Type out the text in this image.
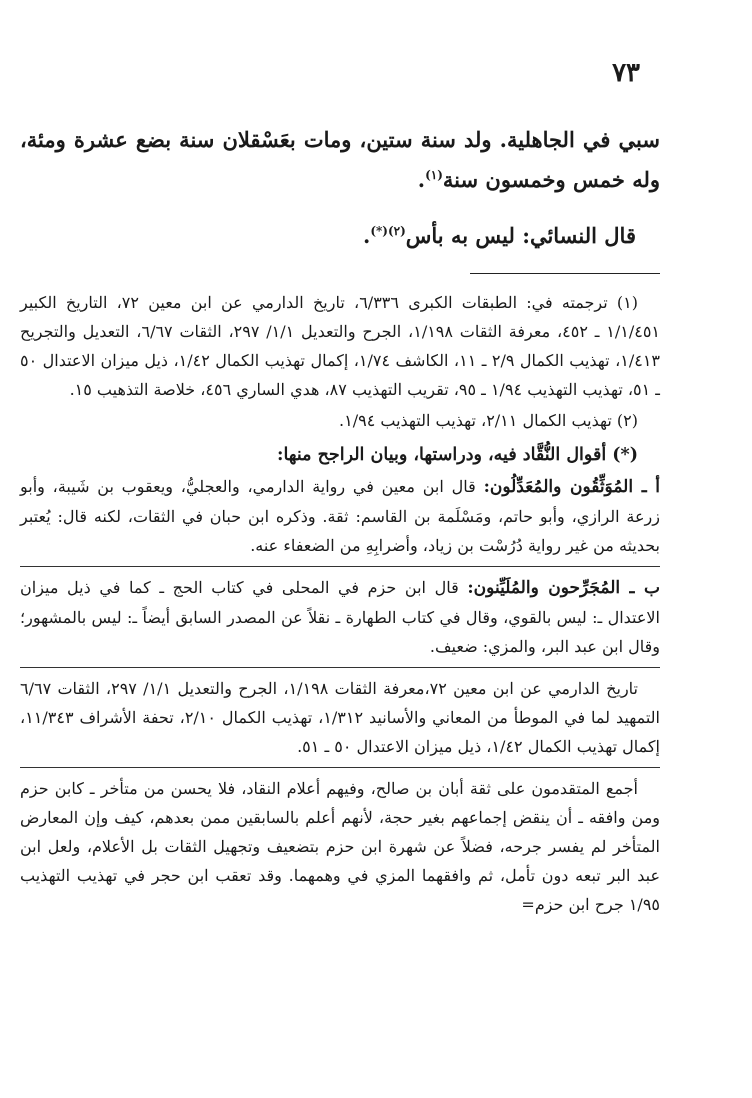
٧٣

سبي في الجاهلية. ولد سنة ستين، ومات بعَسْقلان سنة بضع عشرة ومئة، وله خمس وخمسون سنة$^{(١)}$.

قال النسائي: ليس به بأس$^{(٢)(*)}$.

(١) ترجمته في: الطبقات الكبرى ٦/٣٣٦، تاريخ الدارمي عن ابن معين ٧٢، التاريخ الكبير ١/١/٤٥١ ـ ٤٥٢، معرفة الثقات ١/١٩٨، الجرح والتعديل ١/١/ ٢٩٧، الثقات ٦/٦٧، التعديل والتجريح ١/٤١٣، تهذيب الكمال ٢/٩ ـ ١١، الكاشف ١/٧٤، إكمال تهذيب الكمال ١/٤٢، ذيل ميزان الاعتدال ٥٠ ـ ٥١، تهذيب التهذيب ١/٩٤ ـ ٩٥، تقريب التهذيب ٨٧، هدي الساري ٤٥٦، خلاصة التذهيب ١٥.

(٢) تهذيب الكمال ٢/١١، تهذيب التهذيب ١/٩٤.

(*) أقوال النُّقَّاد فيه، ودراستها، وبيان الراجح منها:

أ ـ المُوَثِّقُون والمُعَدِّلُون: قال ابن معين في رواية الدارمي، والعجليُّ، ويعقوب بن شَيبة، وأبو زرعة الرازي، وأبو حاتم، ومَسْلَمة بن القاسم: ثقة. وذكره ابن حبان في الثقات، لكنه قال: يُعتبر بحديثه من غير رواية دُرُسْت بن زياد، وأضرابِهِ من الضعفاء عنه.

ب ـ المُجَرِّحون والمُلَيِّنون: قال ابن حزم في المحلى في كتاب الحج ـ كما في ذيل ميزان الاعتدال ـ: ليس بالقوي، وقال في كتاب الطهارة ـ نقلاً عن المصدر السابق أيضاً ـ: ليس بالمشهور؛ وقال ابن عبد البر، والمزي: ضعيف.

تاريخ الدارمي عن ابن معين ٧٢،معرفة الثقات ١/١٩٨، الجرح والتعديل ١/١/ ٢٩٧، الثقات ٦/٦٧ التمهيد لما في الموطأ من المعاني والأسانيد ١/٣١٢، تهذيب الكمال ٢/١٠، تحفة الأشراف ١١/٣٤٣، إكمال تهذيب الكمال ١/٤٢، ذيل ميزان الاعتدال ٥٠ ـ ٥١.

أجمع المتقدمون على ثقة أبان بن صالح، وفيهم أعلام النقاد، فلا يحسن من متأخر ـ كابن حزم ومن وافقه ـ أن ينقض إجماعهم بغير حجة، لأنهم أعلم بالسابقين ممن بعدهم، كيف وإن المعارض المتأخر لم يفسر جرحه، فضلاً عن شهرة ابن حزم بتضعيف وتجهيل الثقات بل الأعلام، ولعل ابن عبد البر تبعه دون تأمل، ثم وافقهما المزي في وهمهما. وقد تعقب ابن حجر في تهذيب التهذيب ١/٩٥ جرح ابن حزم=
